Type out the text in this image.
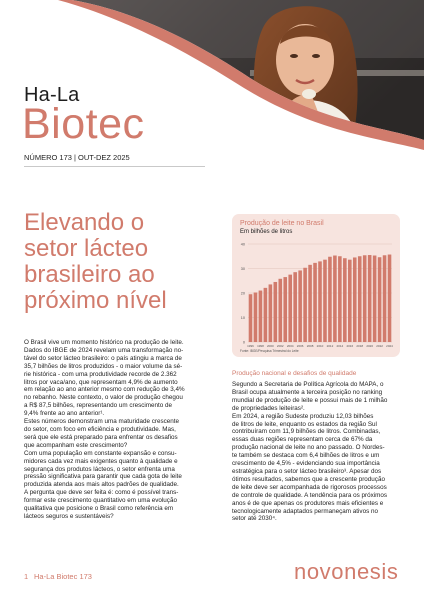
Ha-La
Biotec
NÚMERO 173 | OUT-DEZ 2025
Elevando o
setor lácteo
brasileiro ao
próximo nível
Produção de leite no Brasil
Em bilhões de litros
0
10
20
30
40
1996 1998 2000 2002 2004 2006 2008 2010 2012 2014 2016 2018 2020 2022 2024
Fonte: IBGE/Pesquisa Trimestral do Leite
Produção nacional e desafios de qualidade

O Brasil vive um momento histórico na produção de leite.

Dados do IBGE de 2024 revelam uma transformação no-

tável do setor lácteo brasileiro: o país atingiu a marca de

35,7 bilhões de litros produzidos - o maior volume da sé-

rie histórica - com uma produtividade recorde de 2.362

litros por vaca/ano, que representam 4,9% de aumento

em relação ao ano anterior mesmo com redução de 3,4%

no rebanho. Neste contexto, o valor de produção chegou

a R$ 87,5 bilhões, representando um crescimento de

9,4% frente ao ano anterior¹.

Estes números demonstram uma maturidade crescente

do setor, com foco em eficiência e produtividade. Mas,

será que ele está preparado para enfrentar os desafios

que acompanham este crescimento?

Com uma população em constante expansão e consu-

midores cada vez mais exigentes quanto à qualidade e

segurança dos produtos lácteos, o setor enfrenta uma

pressão significativa para garantir que cada gota de leite

produzida atenda aos mais altos padrões de qualidade.

A pergunta que deve ser feita é: como é possível trans-

formar este crescimento quantitativo em uma evolução

qualitativa que posicione o Brasil como referência em

lácteos seguros e sustentáveis?

Segundo a Secretaria de Política Agrícola do MAPA, o

Brasil ocupa atualmente a terceira posição no ranking

mundial de produção de leite e possui mais de 1 milhão

de propriedades leiteiras².

Em 2024, a região Sudeste produziu 12,03 bilhões

de litros de leite, enquanto os estados da região Sul

contribuíram com 11,9 bilhões de litros. Combinadas,

essas duas regiões representam cerca de 67% da

produção nacional de leite no ano passado. O Nordes-

te também se destaca com 6,4 bilhões de litros e um

crescimento de 4,5% - evidenciando sua importância

estratégica para o setor lácteo brasileiro³. Apesar dos

ótimos resultados, sabemos que a crescente produção

de leite deve ser acompanhada de rigorosos processos

de controle de qualidade. A tendência para os próximos

anos é de que apenas os produtores mais eficientes e

tecnologicamente adaptados permaneçam ativos no

setor até 2030⁴.

1 Ha-La Biotec 173	novonesis
